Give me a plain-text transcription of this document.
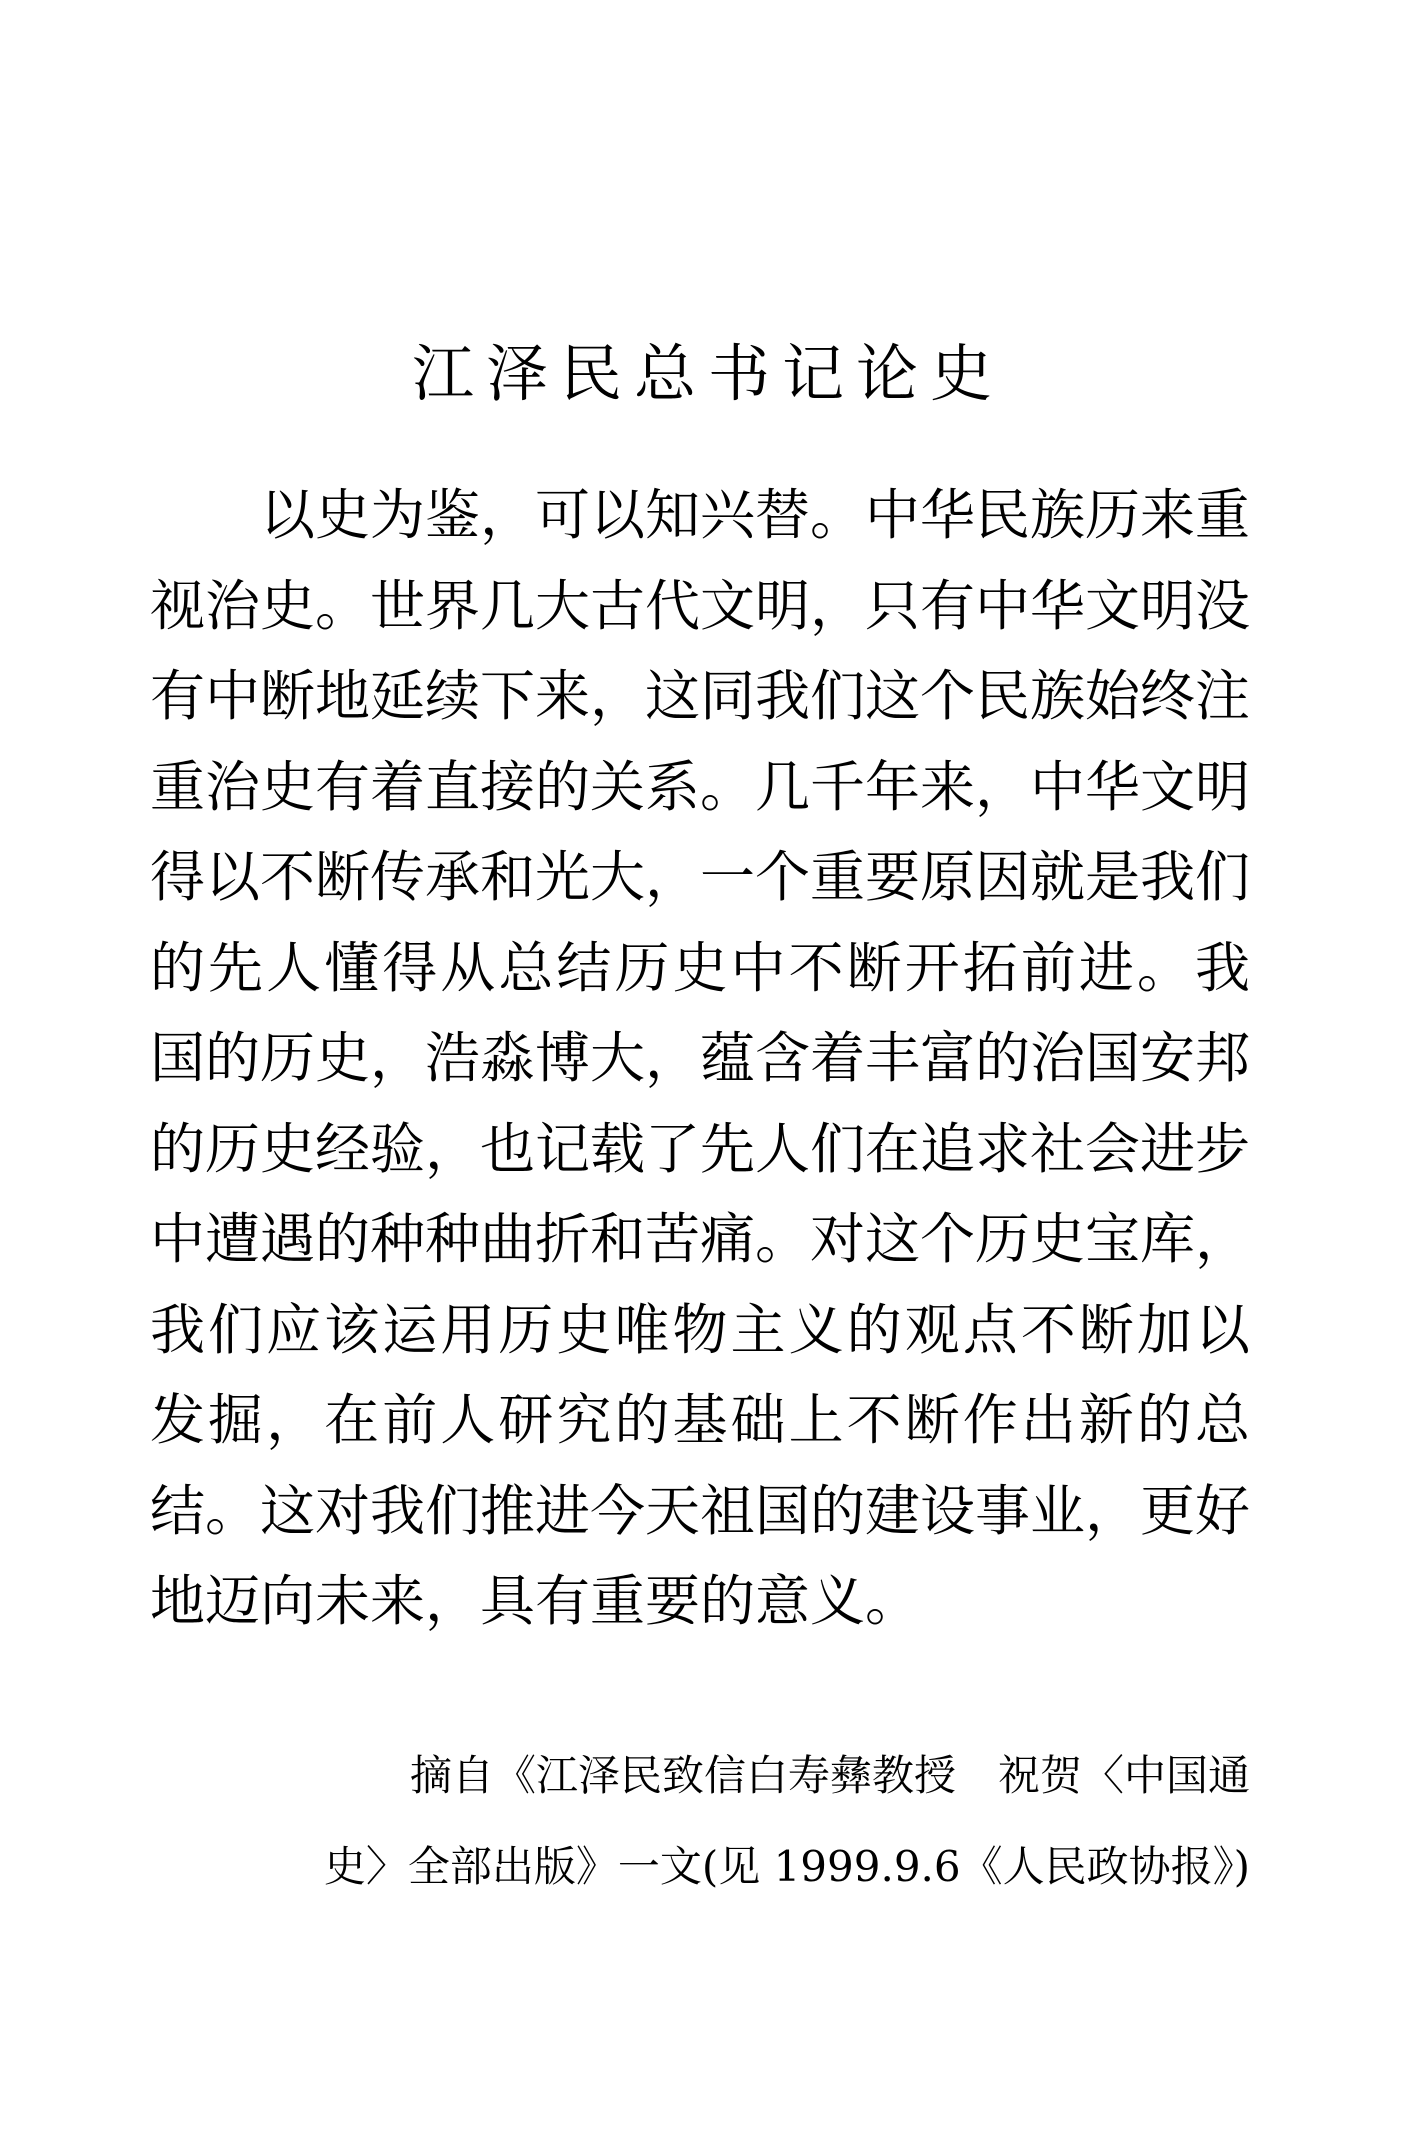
江泽民总书记论史
以史为鉴，可以知兴替。中华民族历来重
视治史。世界几大古代文明，只有中华文明没
有中断地延续下来，这同我们这个民族始终注
重治史有着直接的关系。几千年来，中华文明
得以不断传承和光大，一个重要原因就是我们
的先人懂得从总结历史中不断开拓前进。我
国的历史，浩淼博大，蕴含着丰富的治国安邦
的历史经验，也记载了先人们在追求社会进步
中遭遇的种种曲折和苦痛。对这个历史宝库，
我们应该运用历史唯物主义的观点不断加以
发掘，在前人研究的基础上不断作出新的总
结。这对我们推进今天祖国的建设事业，更好
地迈向未来，具有重要的意义。
摘自《江泽民致信白寿彝教授　祝贺〈中国通
史〉全部出版》一文(见 1999.9.6《人民政协报》)
